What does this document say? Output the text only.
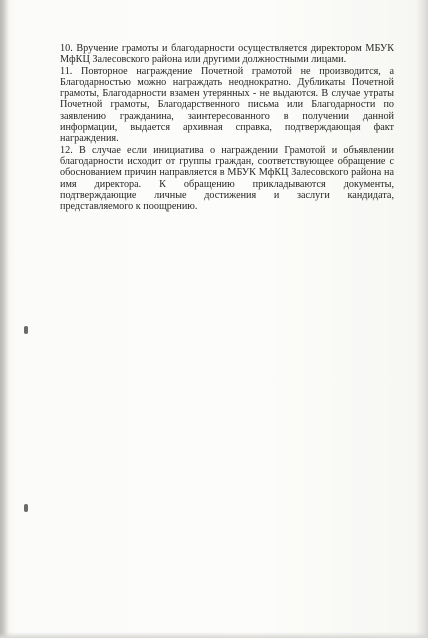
10. Вручение грамоты и благодарности осуществляется директором МБУК МфКЦ Залесовского района или другими должностными лицами.

11. Повторное награждение Почетной грамотой не производится, а Благодарностью можно награждать неоднократно. Дубликаты Почетной грамоты, Благодарности взамен утерянных - не выдаются. В случае утраты Почетной грамоты, Благодарственного письма или Благодарности по заявлению гражданина, заинтересованного в получении данной информации, выдается архивная справка, подтверждающая факт награждения.

12. В случае если инициатива о награждении Грамотой и объявлении благодарности исходит от группы граждан, соответствующее обращение с обоснованием причин направляется в МБУК МфКЦ Залесовского района на имя директора. К обращению прикладываются документы, подтверждающие личные достижения и заслуги кандидата, представляемого к поощрению.
